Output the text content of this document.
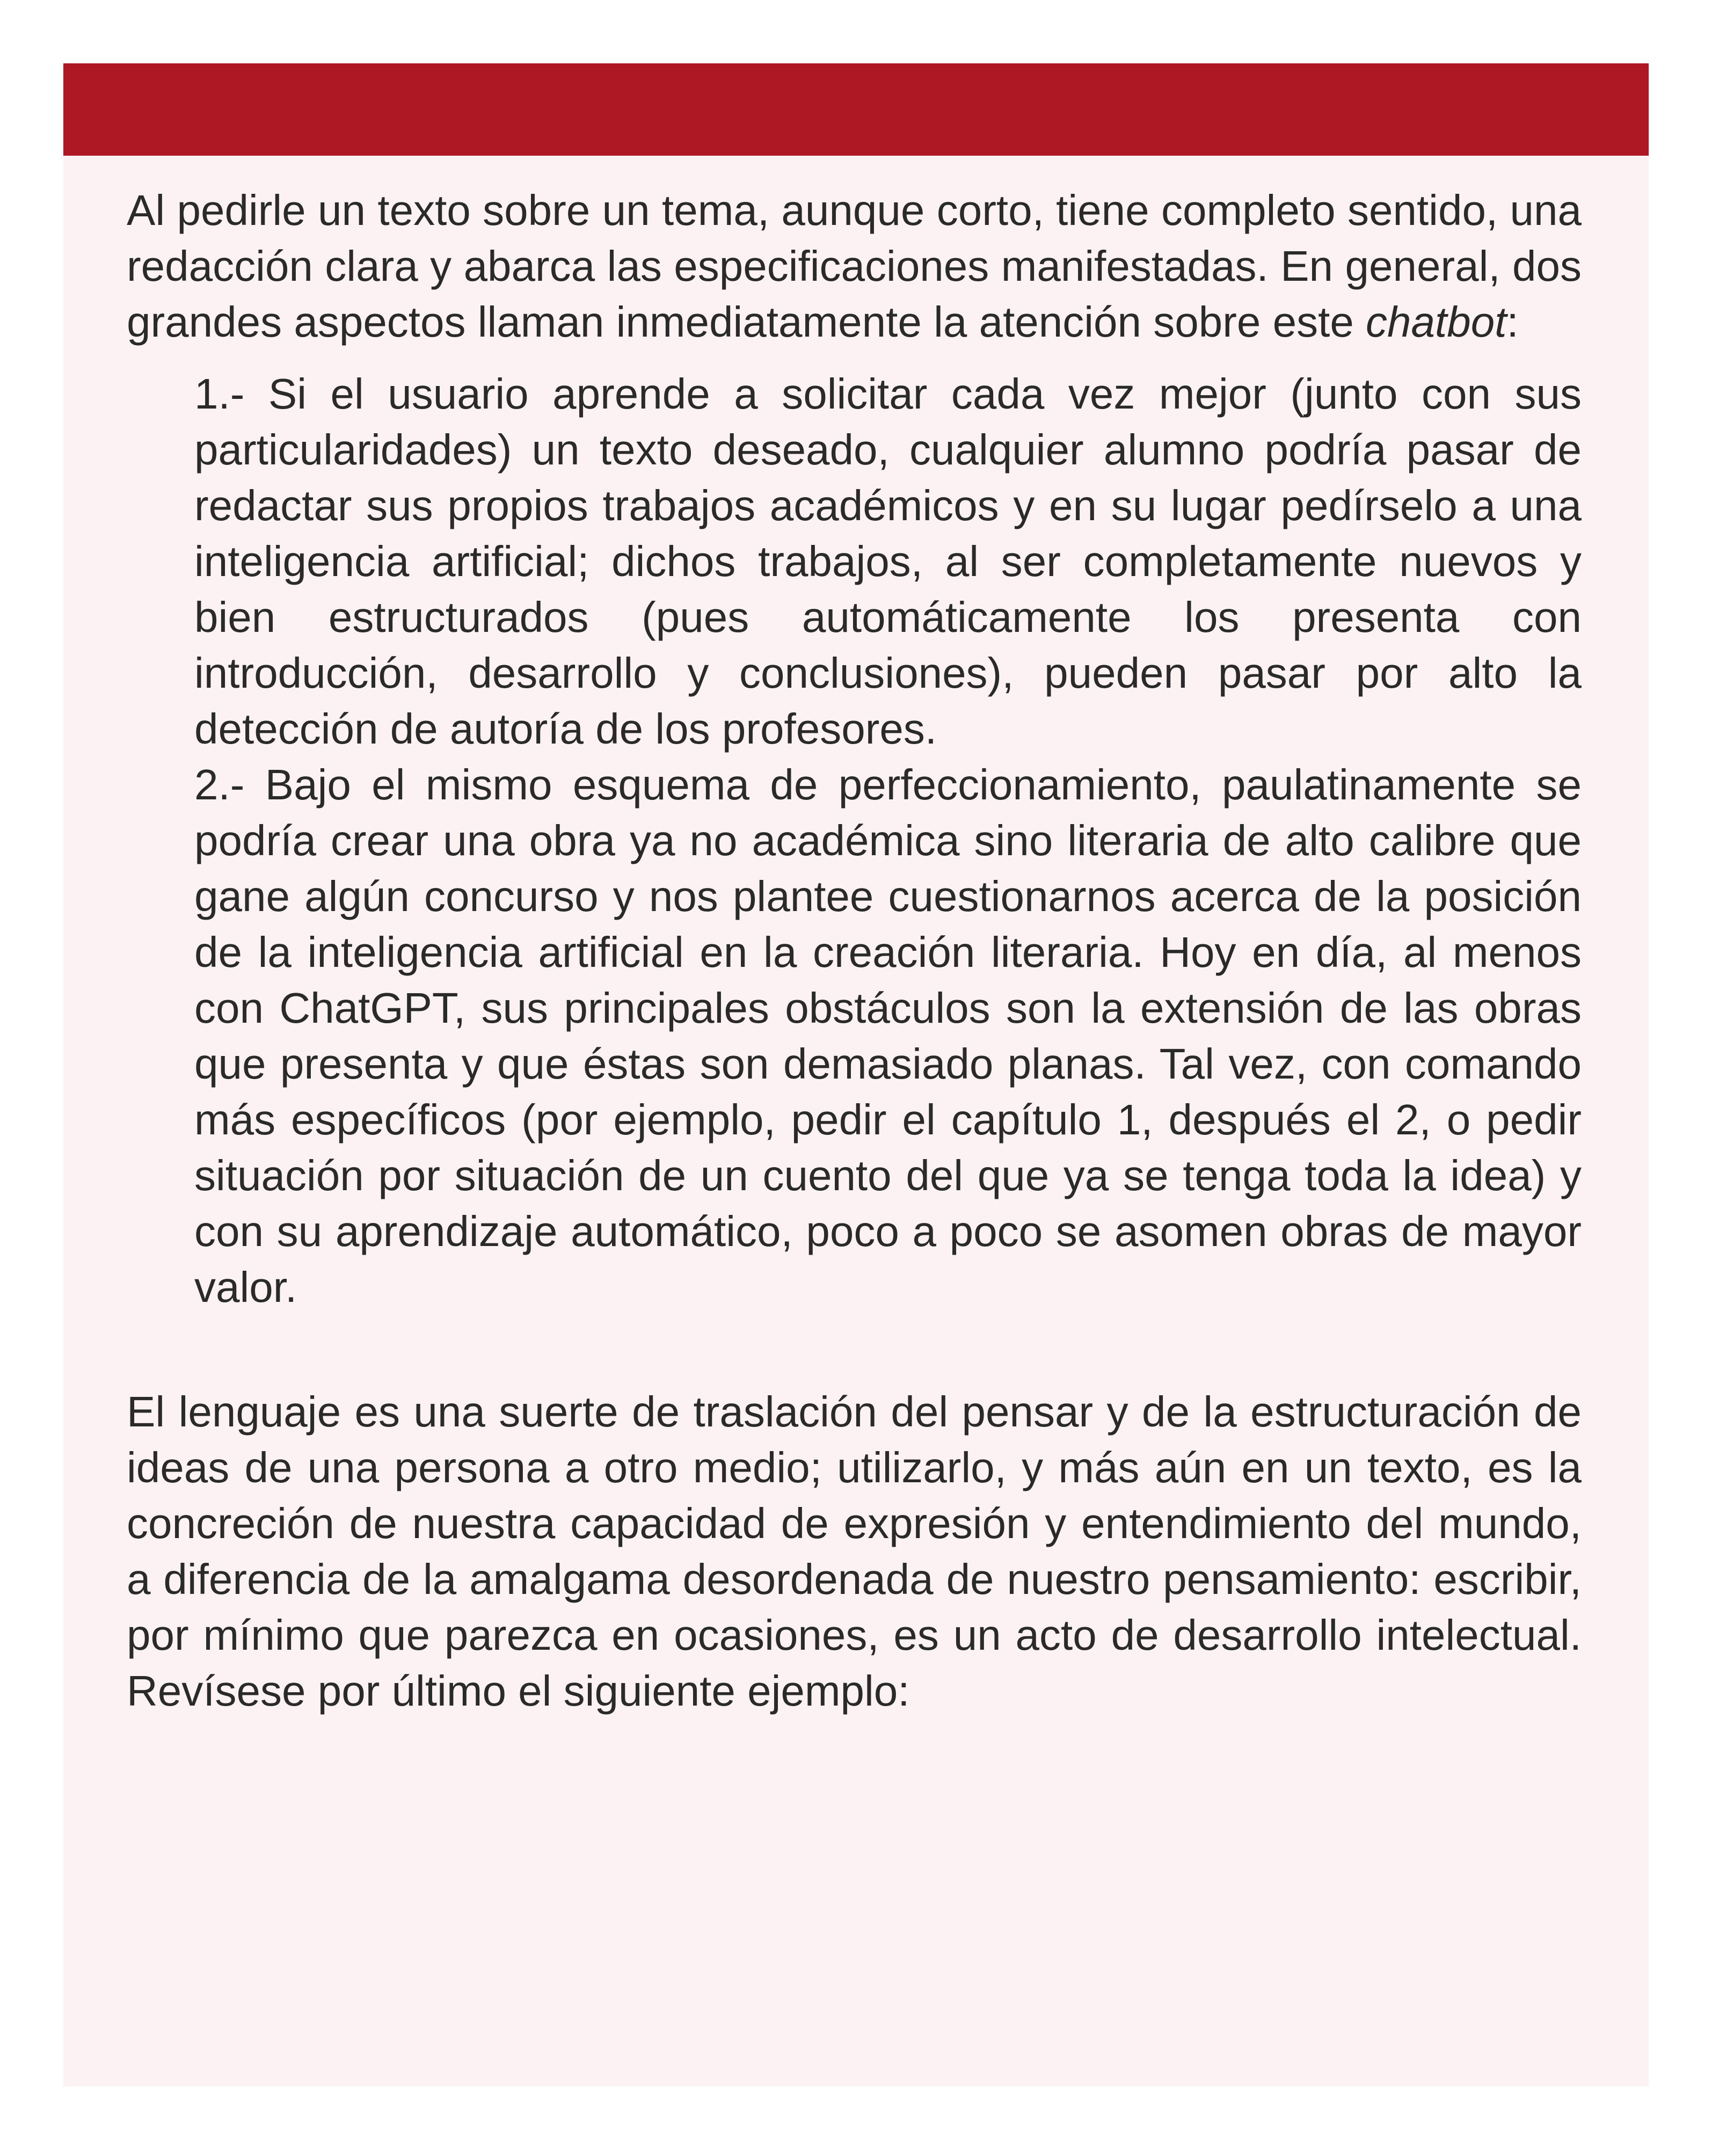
Al pedirle un texto sobre un tema, aunque corto, tiene completo sentido, una redacción clara y abarca las especificaciones manifestadas. En general, dos grandes aspectos llaman inmediatamente la atención sobre este chatbot:

1.- Si el usuario aprende a solicitar cada vez mejor (junto con sus particularidades) un texto deseado, cualquier alumno podría pasar de redactar sus propios trabajos académicos y en su lugar pedírselo a una inteligencia artificial; dichos trabajos, al ser completamente nuevos y bien estructurados (pues automáticamente los presenta con introducción, desarrollo y conclusiones), pueden pasar por alto la detección de autoría de los profesores.

2.- Bajo el mismo esquema de perfeccionamiento, paulatinamente se podría crear una obra ya no académica sino literaria de alto calibre que gane algún concurso y nos plantee cuestionarnos acerca de la posición de la inteligencia artificial en la creación literaria. Hoy en día, al menos con ChatGPT, sus principales obstáculos son la extensión de las obras que presenta y que éstas son demasiado planas. Tal vez, con comando más específicos (por ejemplo, pedir el capítulo 1, después el 2, o pedir situación por situación de un cuento del que ya se tenga toda la idea) y con su aprendizaje automático, poco a poco se asomen obras de mayor valor.

El lenguaje es una suerte de traslación del pensar y de la estructuración de ideas de una persona a otro medio; utilizarlo, y más aún en un texto, es la concreción de nuestra capacidad de expresión y entendimiento del mundo, a diferencia de la amalgama desordenada de nuestro pensamiento: escribir, por mínimo que parezca en ocasiones, es un acto de desarrollo intelectual. Revísese por último el siguiente ejemplo:
